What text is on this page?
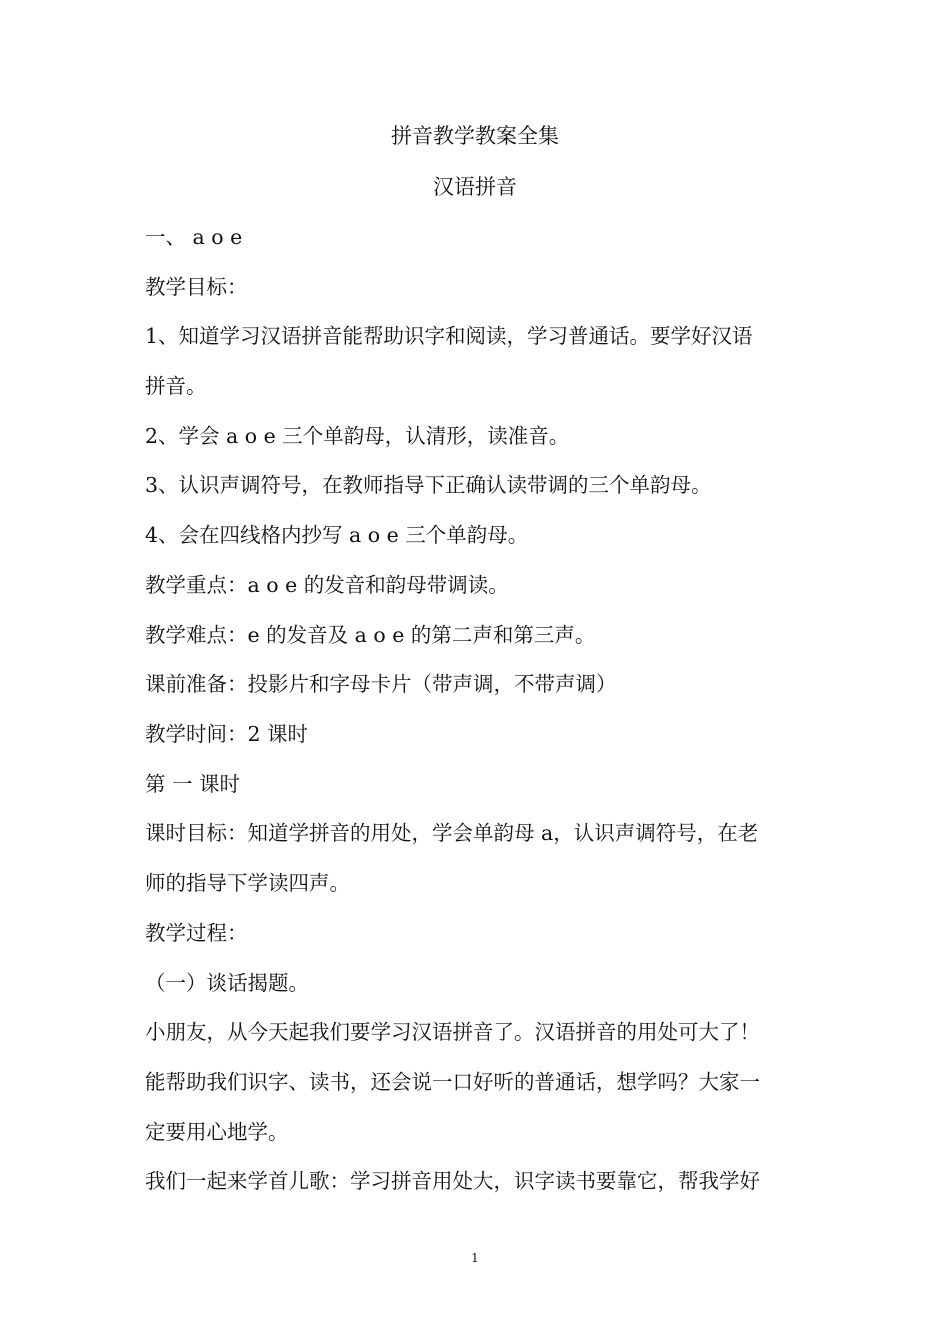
拼音教学教案全集
汉语拼音
一、 a o e
教学目标：
1、知道学习汉语拼音能帮助识字和阅读，学习普通话。要学好汉语
拼音。
2、学会 a o e 三个单韵母，认清形，读准音。
3、认识声调符号，在教师指导下正确认读带调的三个单韵母。
4、会在四线格内抄写 a o e 三个单韵母。
教学重点：a o e 的发音和韵母带调读。
教学难点：e 的发音及 a o e 的第二声和第三声。
课前准备：投影片和字母卡片（带声调，不带声调）
教学时间：2 课时
第 一 课时
课时目标：知道学拼音的用处，学会单韵母 a，认识声调符号，在老
师的指导下学读四声。
教学过程：
（一）谈话揭题。
小朋友，从今天起我们要学习汉语拼音了。汉语拼音的用处可大了！
能帮助我们识字、读书，还会说一口好听的普通话，想学吗？大家一
定要用心地学。
我们一起来学首儿歌：学习拼音用处大，识字读书要靠它，帮我学好
1
